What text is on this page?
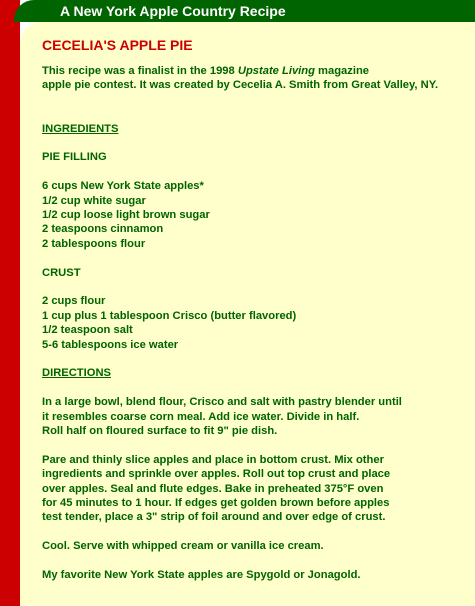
A New York Apple Country Recipe
CECELIA'S APPLE PIE

This recipe was a finalist in the 1998 Upstate Living magazine

apple pie contest. It was created by Cecelia A. Smith from Great Valley, NY.

INGREDIENTS

PIE FILLING

6 cups New York State apples*

1/2 cup white sugar

1/2 cup loose light brown sugar

2 teaspoons cinnamon

2 tablespoons flour

CRUST

2 cups flour

1 cup plus 1 tablespoon Crisco (butter flavored)

1/2 teaspoon salt

5-6 tablespoons ice water

DIRECTIONS

In a large bowl, blend flour, Crisco and salt with pastry blender until

it resembles coarse corn meal. Add ice water. Divide in half.

Roll half on floured surface to fit 9" pie dish.

Pare and thinly slice apples and place in bottom crust. Mix other

ingredients and sprinkle over apples. Roll out top crust and place

over apples. Seal and flute edges. Bake in preheated 375°F oven

for 45 minutes to 1 hour. If edges get golden brown before apples

test tender, place a 3" strip of foil around and over edge of crust.

Cool. Serve with whipped cream or vanilla ice cream.

My favorite New York State apples are Spygold or Jonagold.
